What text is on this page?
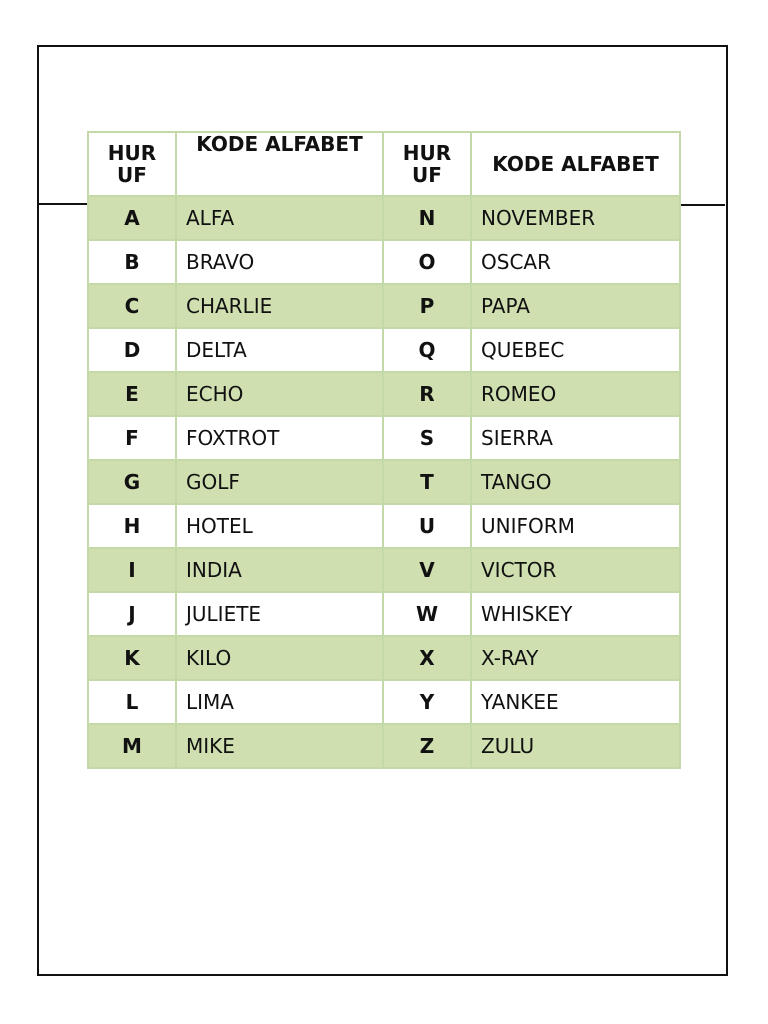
HUR UF	KODE ALFABET	HUR UF	KODE ALFABET
A	ALFA	N	NOVEMBER
B	BRAVO	O	OSCAR
C	CHARLIE	P	PAPA
D	DELTA	Q	QUEBEC
E	ECHO	R	ROMEO
F	FOXTROT	S	SIERRA
G	GOLF	T	TANGO
H	HOTEL	U	UNIFORM
I	INDIA	V	VICTOR
J	JULIETE	W	WHISKEY
K	KILO	X	X-RAY
L	LIMA	Y	YANKEE
M	MIKE	Z	ZULU
